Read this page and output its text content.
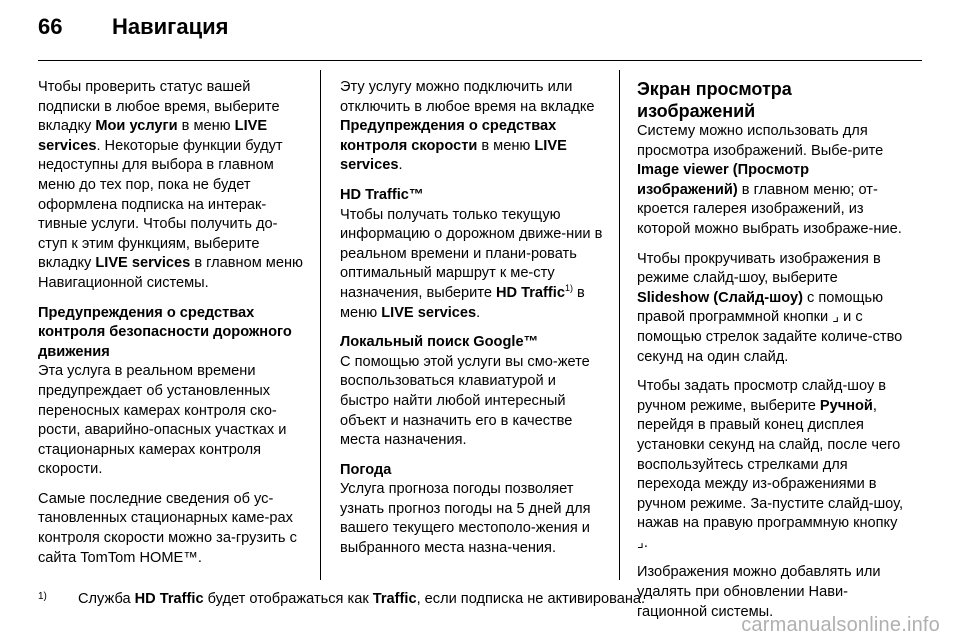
66 Навигация

Чтобы проверить статус вашей подписки в любое время, выберите вкладку Мои услуги в меню LIVE services. Некоторые функции будут недоступны для выбора в главном меню до тех пор, пока не будет оформлена подписка на интерак-тивные услуги. Чтобы получить до-ступ к этим функциям, выберите вкладку LIVE services в главном меню Навигационной системы.

Предупреждения о средствах контроля безопасности дорожного движения

Эта услуга в реальном времени предупреждает об установленных переносных камерах контроля ско-рости, аварийно-опасных участках и стационарных камерах контроля скорости.

Самые последние сведения об ус-тановленных стационарных каме-рах контроля скорости можно за-грузить с сайта TomTom HOME™.

Эту услугу можно подключить или отключить в любое время на вкладке Предупреждения о средствах контроля скорости в меню LIVE services.

HD Traffic™

Чтобы получать только текущую информацию о дорожном движе-нии в реальном времени и плани-ровать оптимальный маршрут к ме-сту назначения, выберите HD Traffic$^{1)}$ в меню LIVE services.

Локальный поиск Google™

С помощью этой услуги вы смо-жете воспользоваться клавиатурой и быстро найти любой интересный объект и назначить его в качестве места назначения.

Погода

Услуга прогноза погоды позволяет узнать прогноз погоды на 5 дней для вашего текущего местополо-жения и выбранного места назна-чения.

Экран просмотра изображений

Систему можно использовать для просмотра изображений. Выбе-рите Image viewer (Просмотр изображений) в главном меню; от-кроется галерея изображений, из которой можно выбрать изображе-ние.

Чтобы прокручивать изображения в режиме слайд-шоу, выберите Slideshow (Слайд-шоу) с помощью правой программной кнопки ⌟ и с помощью стрелок задайте количе-ство секунд на один слайд.

Чтобы задать просмотр слайд-шоу в ручном режиме, выберите Ручной, перейдя в правый конец дисплея установки секунд на слайд, после чего воспользуйтесь стрелками для перехода между из-ображениями в ручном режиме. За-пустите слайд-шоу, нажав на правую программную кнопку ⌟.

Изображения можно добавлять или удалять при обновлении Нави-гационной системы.

1) Служба HD Traffic будет отображаться как Traffic, если подписка не активирована.
carmanualsonline.info
